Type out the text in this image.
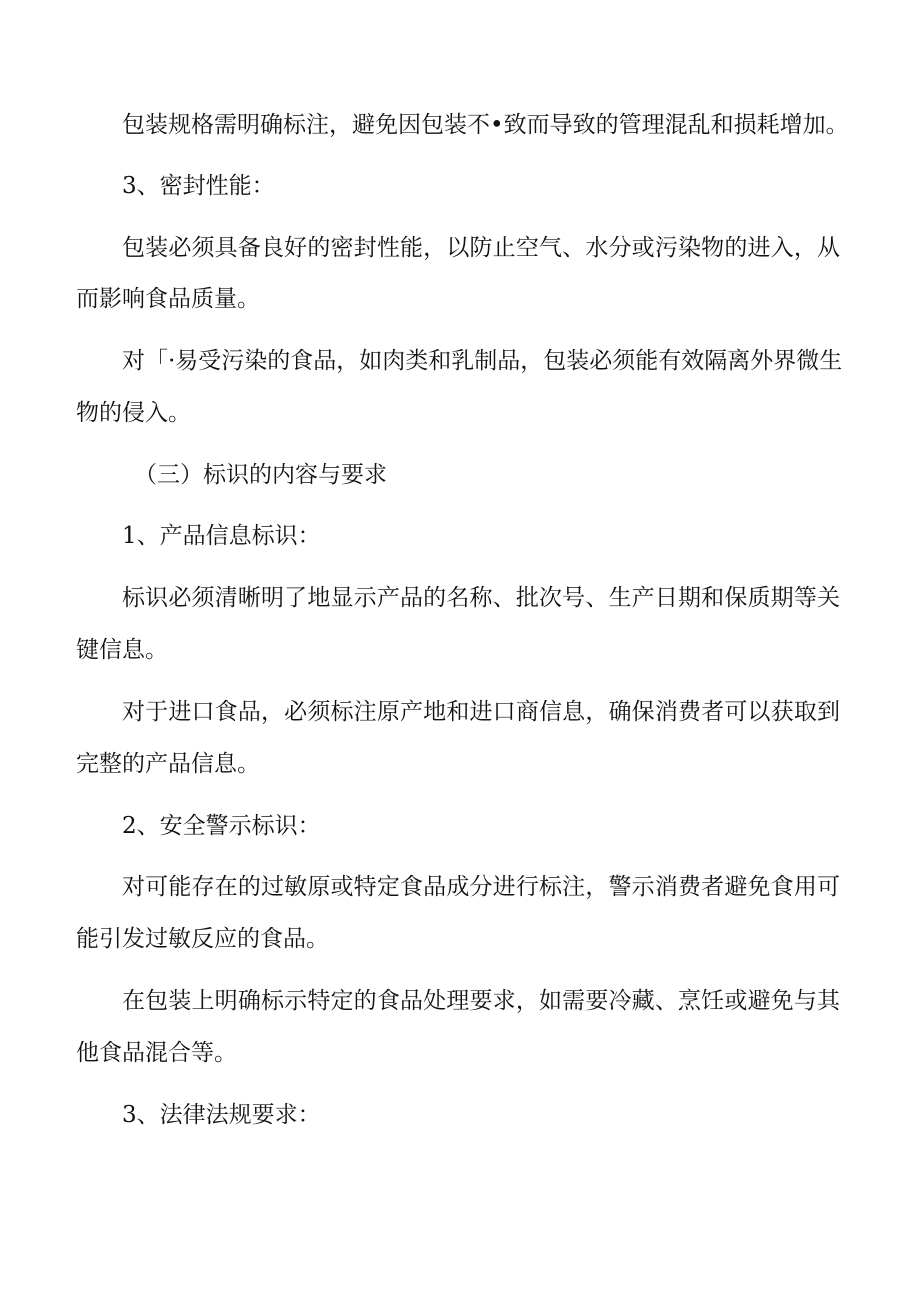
包装规格需明确标注，避免因包装不•致而导致的管理混乱和损耗增加。
3、密封性能：
包装必须具备良好的密封性能，以防止空气、水分或污染物的进入，从
而影响食品质量。
对「·易受污染的食品，如肉类和乳制品，包装必须能有效隔离外界微生
物的侵入。
（三）标识的内容与要求
1、产品信息标识：
标识必须清晰明了地显示产品的名称、批次号、生产日期和保质期等关
键信息。
对于进口食品，必须标注原产地和进口商信息，确保消费者可以获取到
完整的产品信息。
2、安全警示标识：
对可能存在的过敏原或特定食品成分进行标注，警示消费者避免食用可
能引发过敏反应的食品。
在包装上明确标示特定的食品处理要求，如需要冷藏、烹饪或避免与其
他食品混合等。
3、法律法规要求：
